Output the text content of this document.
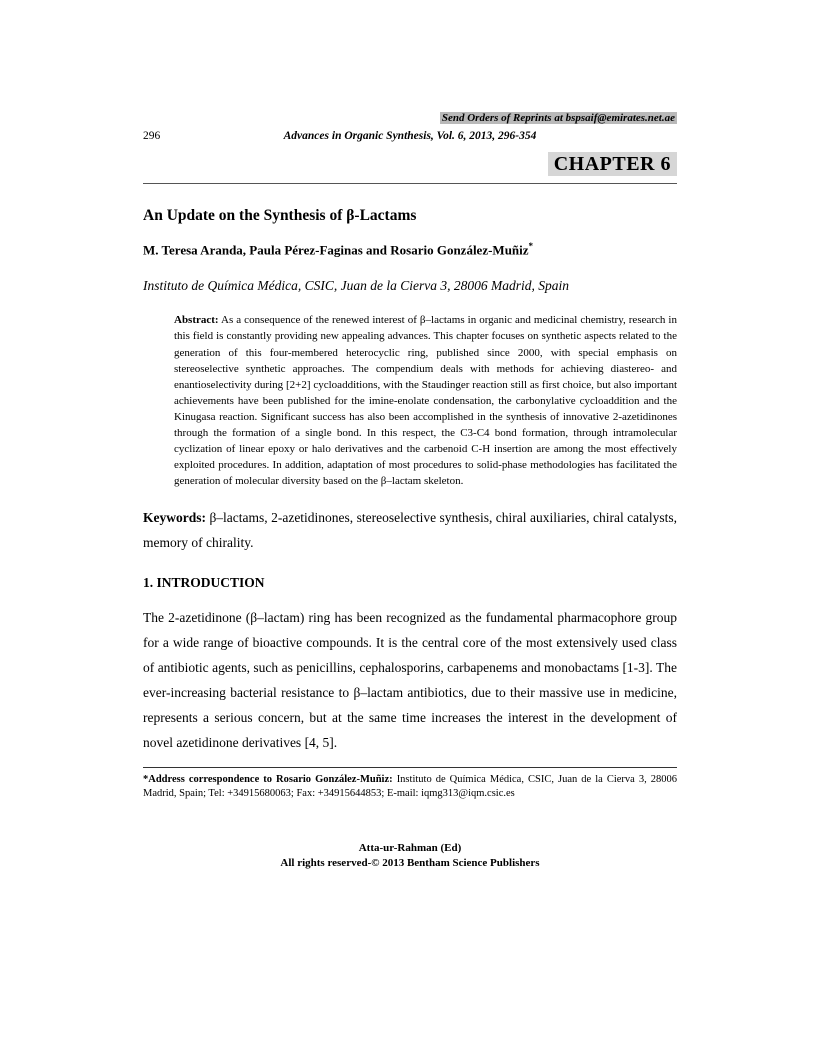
Send Orders of Reprints at bspsaif@emirates.net.ae
296	Advances in Organic Synthesis, Vol. 6, 2013, 296-354
CHAPTER 6
An Update on the Synthesis of β-Lactams
M. Teresa Aranda, Paula Pérez-Faginas and Rosario González-Muñiz*
Instituto de Química Médica, CSIC, Juan de la Cierva 3, 28006 Madrid, Spain
Abstract: As a consequence of the renewed interest of β–lactams in organic and medicinal chemistry, research in this field is constantly providing new appealing advances. This chapter focuses on synthetic aspects related to the generation of this four-membered heterocyclic ring, published since 2000, with special emphasis on stereoselective synthetic approaches. The compendium deals with methods for achieving diastereo- and enantioselectivity during [2+2] cycloadditions, with the Staudinger reaction still as first choice, but also important achievements have been published for the imine-enolate condensation, the carbonylative cycloaddition and the Kinugasa reaction. Significant success has also been accomplished in the synthesis of innovative 2-azetidinones through the formation of a single bond. In this respect, the C3-C4 bond formation, through intramolecular cyclization of linear epoxy or halo derivatives and the carbenoid C-H insertion are among the most effectively exploited procedures. In addition, adaptation of most procedures to solid-phase methodologies has facilitated the generation of molecular diversity based on the β–lactam skeleton.
Keywords: β–lactams, 2-azetidinones, stereoselective synthesis, chiral auxiliaries, chiral catalysts, memory of chirality.
1. INTRODUCTION

The 2-azetidinone (β–lactam) ring has been recognized as the fundamental pharmacophore group for a wide range of bioactive compounds. It is the central core of the most extensively used class of antibiotic agents, such as penicillins, cephalosporins, carbapenems and monobactams [1-3]. The ever-increasing bacterial resistance to β–lactam antibiotics, due to their massive use in medicine, represents a serious concern, but at the same time increases the interest in the development of novel azetidinone derivatives [4, 5].

*Address correspondence to Rosario González-Muñiz: Instituto de Química Médica, CSIC, Juan de la Cierva 3, 28006 Madrid, Spain; Tel: +34915680063; Fax: +34915644853; E-mail: iqmg313@iqm.csic.es
Atta-ur-Rahman (Ed)
All rights reserved-© 2013 Bentham Science Publishers
